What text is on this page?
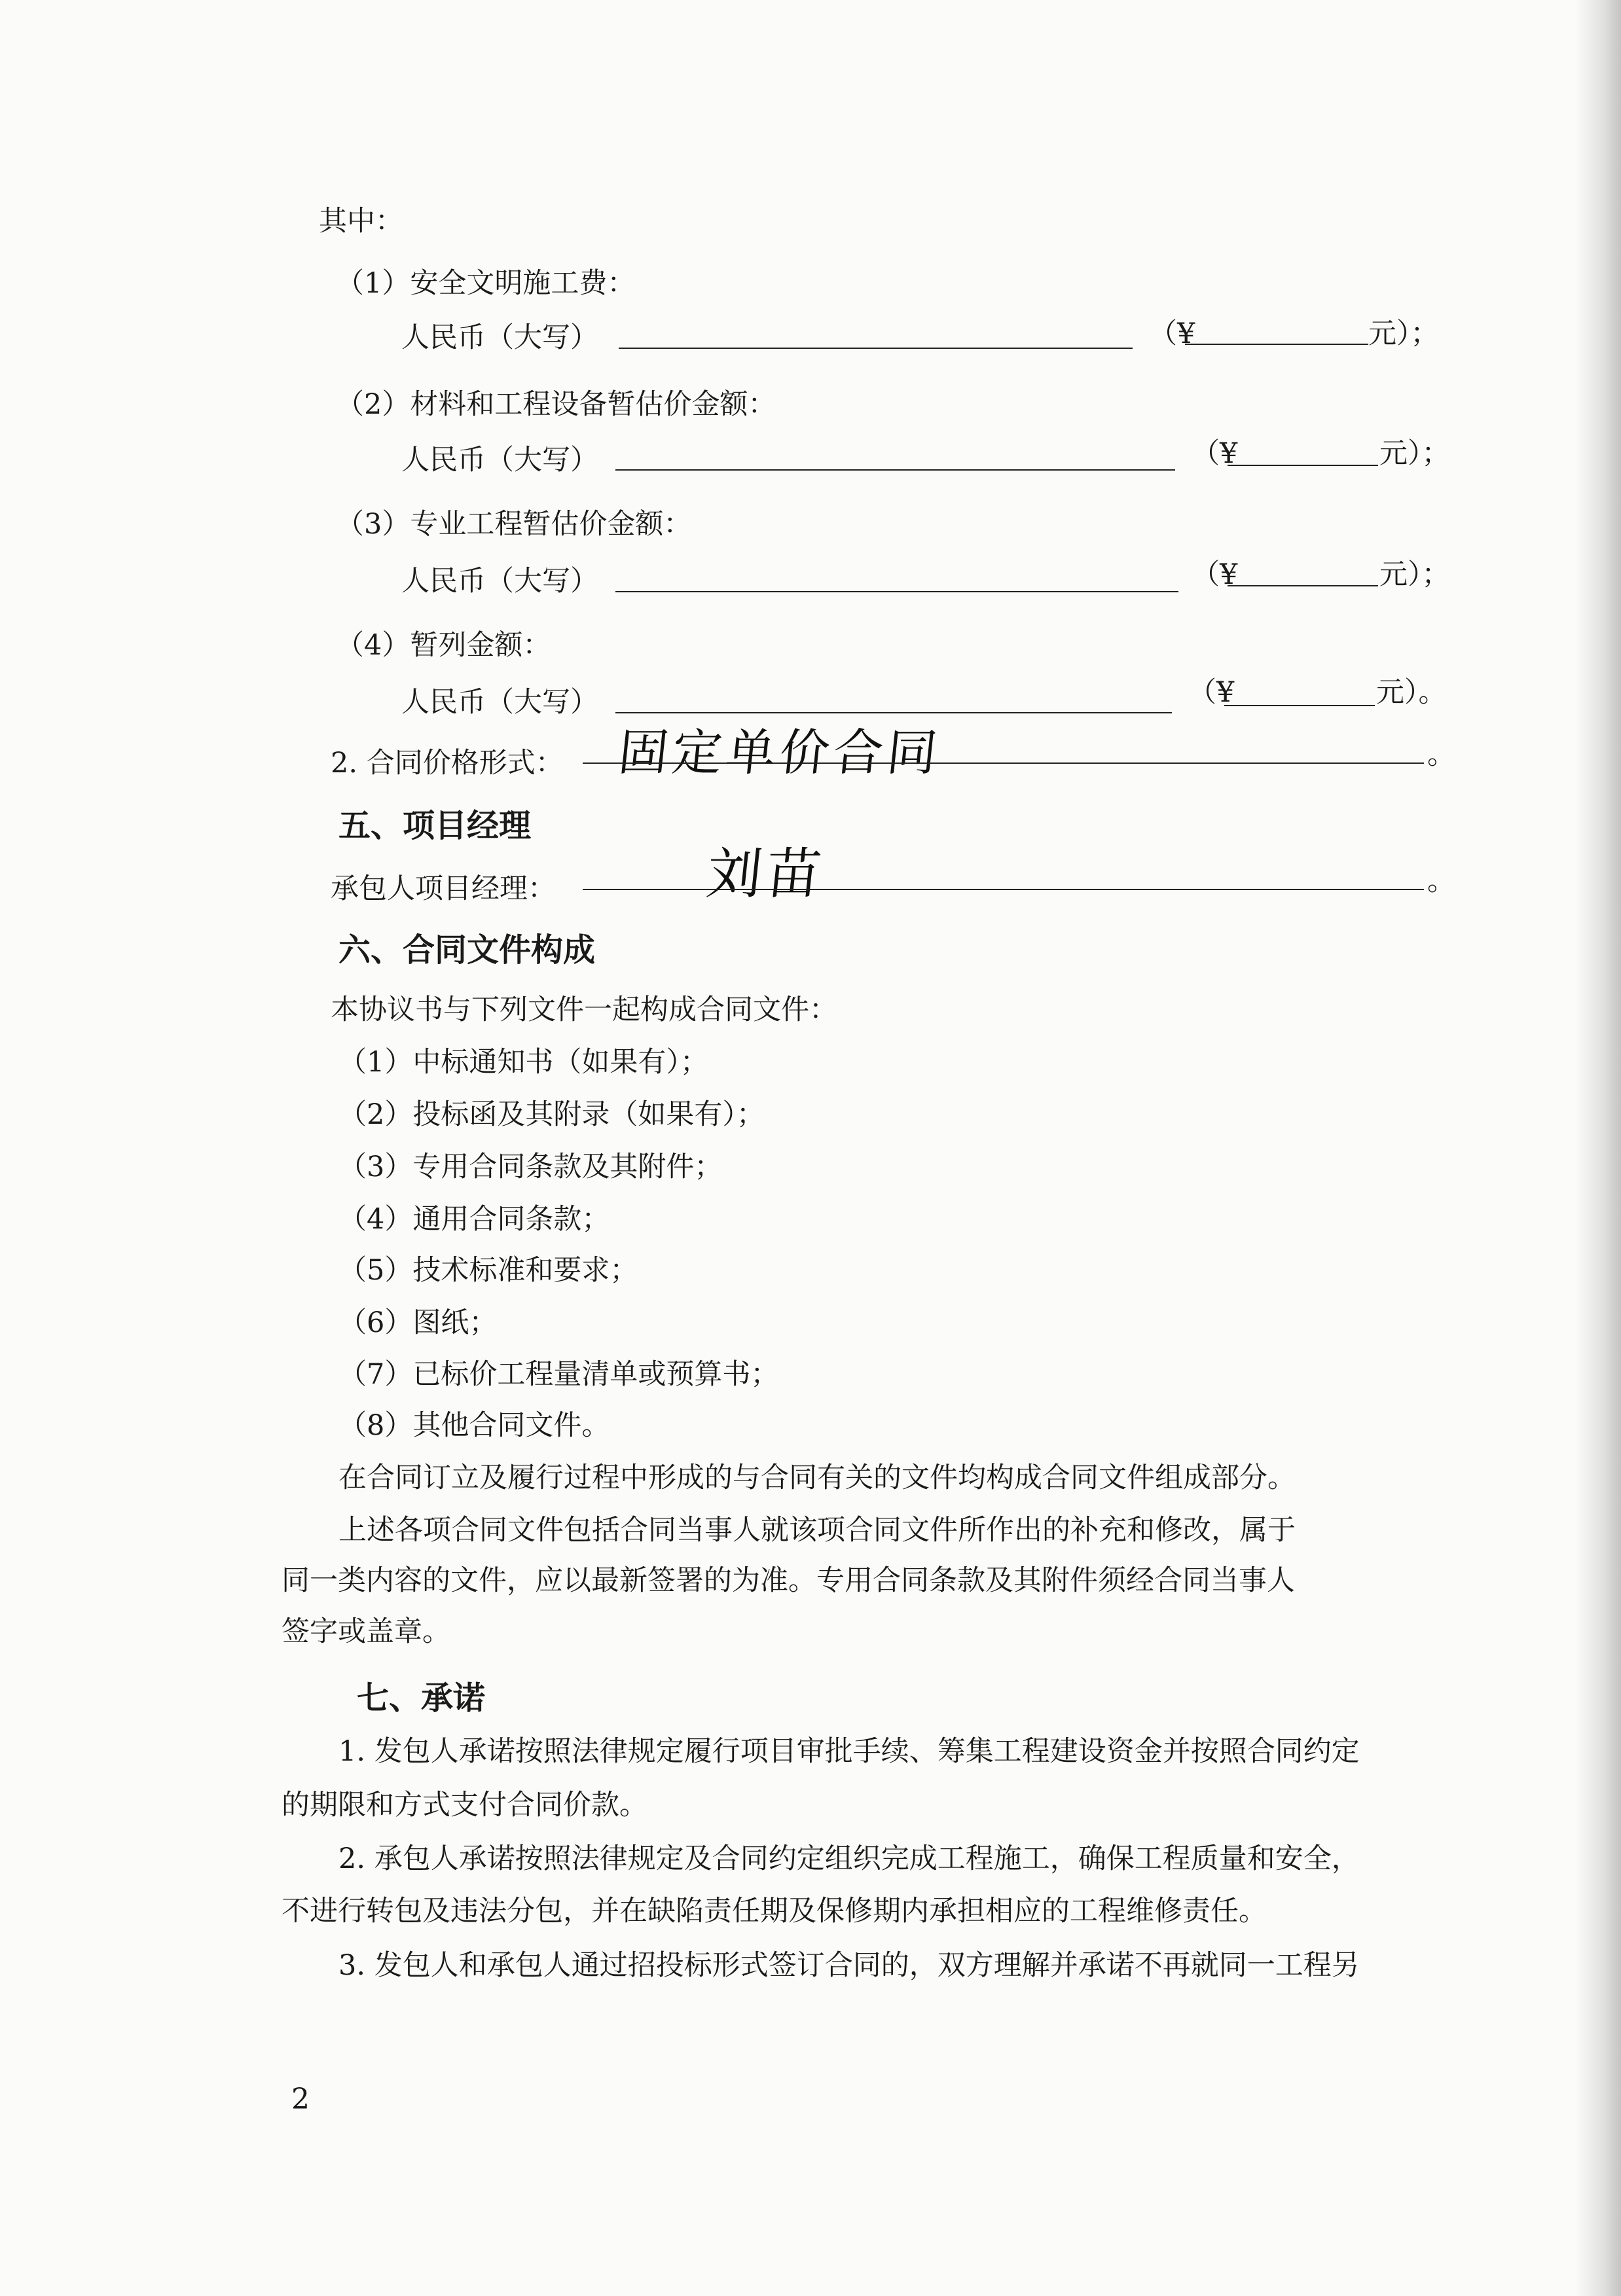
其中：
（1）安全文明施工费：
人民币（大写）	（¥	元）；
（2）材料和工程设备暂估价金额：
人民币（大写）	（¥	元）；
（3）专业工程暂估价金额：
人民币（大写）	（¥	元）；
（4）暂列金额：
人民币（大写）	（¥	元）。
2. 合同价格形式： 固定单价合同	。
五、项目经理
承包人项目经理：	刘苗	。
六、合同文件构成
本协议书与下列文件一起构成合同文件：
（1）中标通知书（如果有）；
（2）投标函及其附录（如果有）；
（3）专用合同条款及其附件；
（4）通用合同条款；
（5）技术标准和要求；
（6）图纸；
（7）已标价工程量清单或预算书；
（8）其他合同文件。
在合同订立及履行过程中形成的与合同有关的文件均构成合同文件组成部分。
上述各项合同文件包括合同当事人就该项合同文件所作出的补充和修改，属于
同一类内容的文件，应以最新签署的为准。专用合同条款及其附件须经合同当事人
签字或盖章。
七、承诺
1. 发包人承诺按照法律规定履行项目审批手续、筹集工程建设资金并按照合同约定
的期限和方式支付合同价款。
2. 承包人承诺按照法律规定及合同约定组织完成工程施工，确保工程质量和安全，
不进行转包及违法分包，并在缺陷责任期及保修期内承担相应的工程维修责任。
3. 发包人和承包人通过招投标形式签订合同的，双方理解并承诺不再就同一工程另
2
